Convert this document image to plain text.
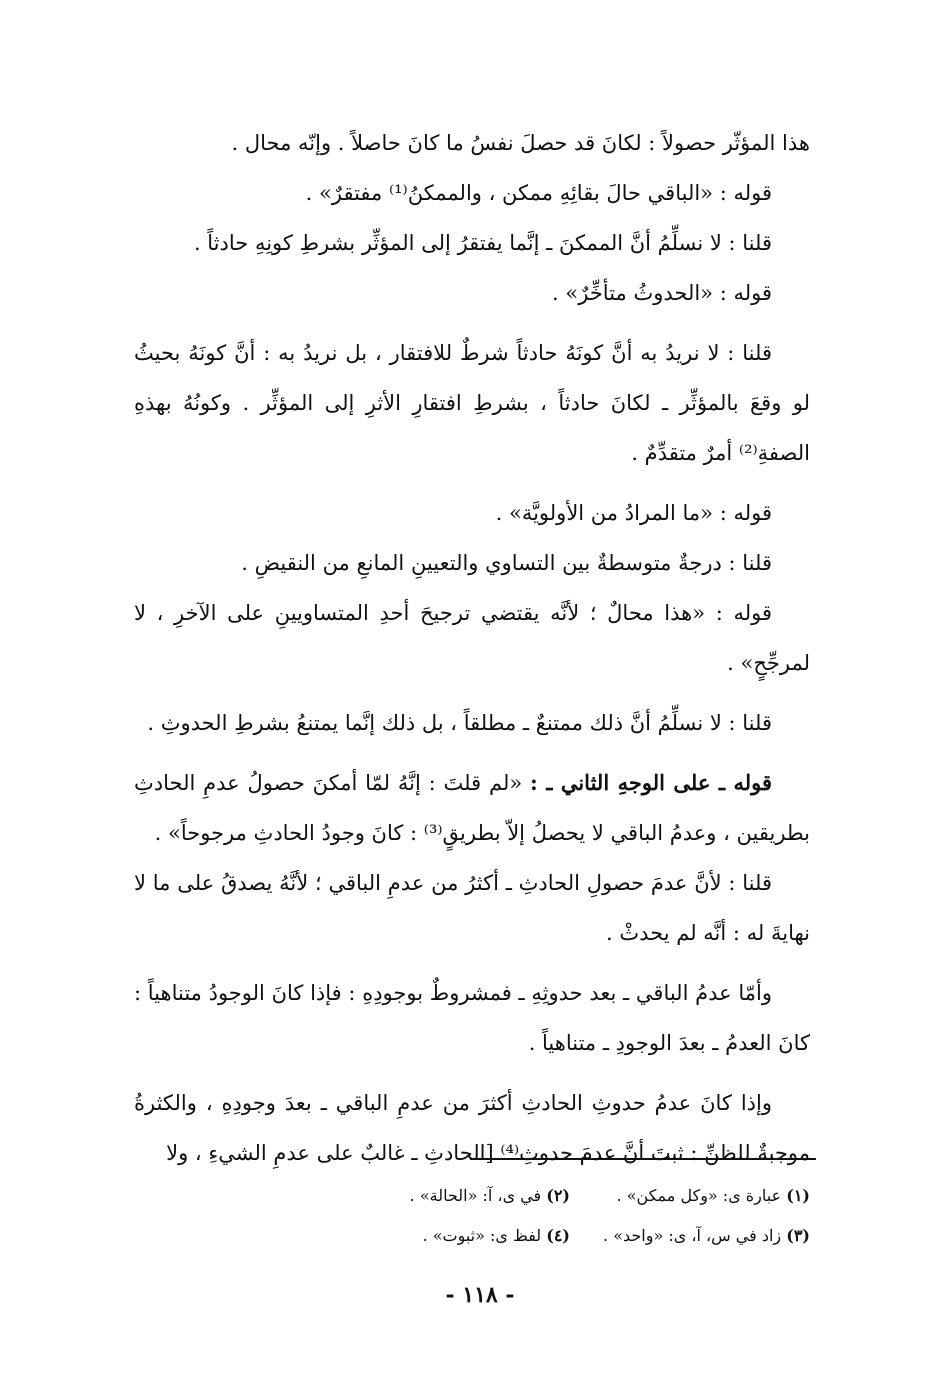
هذا المؤثّر حصولاً : لكانَ قد حصلَ نفسُ ما كانَ حاصلاً . وإنّه محال .

قوله : «الباقي حالَ بقائِهِ ممكن ، والممكنُ⁽¹⁾ مفتقرٌ» .

قلنا : لا نسلِّمُ أنَّ الممكنَ ـ إنَّما يفتقرُ إلى المؤثِّر بشرطِ كونِهِ حادثاً .

قوله : «الحدوثُ متأخِّرٌ» .

قلنا : لا نريدُ به أنَّ كونَهُ حادثاً شرطٌ للافتقار ، بل نريدُ به : أنَّ كونَهُ بحيثُ لو وقعَ بالمؤثِّر ـ لكانَ حادثاً ، بشرطِ افتقارِ الأثرِ إلى المؤثِّر . وكونُهُ بهذهِ الصفةِ⁽²⁾ أمرٌ متقدِّمٌ .

قوله : «ما المرادُ من الأولويَّة» .

قلنا : درجةٌ متوسطةٌ بين التساوي والتعيينِ المانعِ من النقيضِ .

قوله : «هذا محالٌ ؛ لأنَّه يقتضي ترجيحَ أحدِ المتساويينِ على الآخرِ ، لا لمرجِّحٍ» .

قلنا : لا نسلِّمُ أنَّ ذلك ممتنعٌ ـ مطلقاً ، بل ذلك إنَّما يمتنعُ بشرطِ الحدوثِ .

قوله ـ على الوجهِ الثاني ـ : «لم قلتَ : إنَّهُ لمّا أمكنَ حصولُ عدمِ الحادثِ بطريقين ، وعدمُ الباقي لا يحصلُ إلاّ بطريقٍ⁽³⁾ : كانَ وجودُ الحادثِ مرجوحاً» .

قلنا : لأنَّ عدمَ حصولِ الحادثِ ـ أكثرُ من عدمِ الباقي ؛ لأنَّهُ يصدقُ على ما لا نهايةَ له : أنَّه لم يحدثْ .

وأمّا عدمُ الباقي ـ بعد حدوثِهِ ـ فمشروطٌ بوجودِهِ : فإذا كانَ الوجودُ متناهياً : كانَ العدمُ ـ بعدَ الوجودِ ـ متناهياً .

وإذا كانَ عدمُ حدوثِ الحادثِ أكثرَ من عدمِ الباقي ـ بعدَ وجودِهِ ، والكثرةُ موجبةٌ للظنِّ : ثبتَ أنَّ عدمَ حدوثِ⁽⁴⁾ [الحادثِ ـ غالبٌ على عدمِ الشيءِ ، ولا

(١) عبارة ى: «وكل ممكن» .
(٢) في ى، آ: «الحالة» .
(٣) زاد في س، آ، ى: «واحد» .
(٤) لفظ ى: «ثبوت» .
- ١١٨ -
